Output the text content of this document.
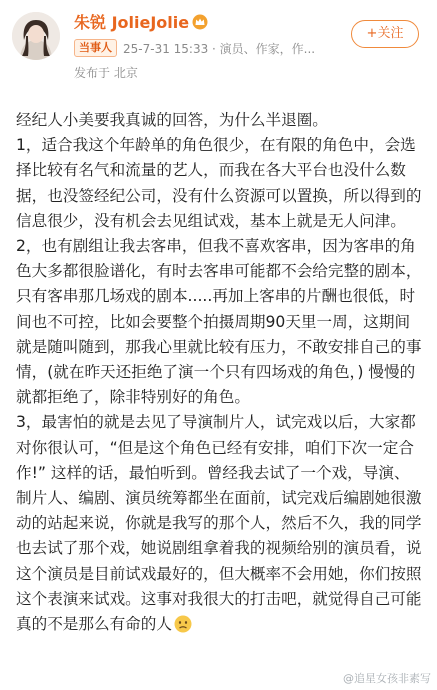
朱锐 JolieJolie
当事人 25-7-31 15:33 · 演员、作家，作...
发布于 北京
+关注

经纪人小美要我真诚的回答，为什么半退圈。

1，适合我这个年龄单的角色很少，在有限的角色中，会选择比较有名气和流量的艺人，而我在各大平台也没什么数据，也没签经纪公司，没有什么资源可以置换，所以得到的信息很少，没有机会去见组试戏，基本上就是无人问津。

2，也有剧组让我去客串，但我不喜欢客串，因为客串的角色大多都很脸谱化，有时去客串可能都不会给完整的剧本，只有客串那几场戏的剧本.....再加上客串的片酬也很低，时间也不可控，比如会要整个拍摄周期90天里一周，这期间就是随叫随到，那我心里就比较有压力，不敢安排自己的事情，(就在昨天还拒绝了演一个只有四场戏的角色，) 慢慢的就都拒绝了，除非特别好的角色。

3，最害怕的就是去见了导演制片人，试完戏以后，大家都对你很认可，“但是这个角色已经有安排，咱们下次一定合作!” 这样的话，最怕听到。曾经我去试了一个戏，导演、制片人、编剧、演员统筹都坐在面前，试完戏后编剧她很激动的站起来说，你就是我写的那个人，然后不久，我的同学也去试了那个戏，她说剧组拿着我的视频给别的演员看，说这个演员是目前试戏最好的，但大概率不会用她，你们按照这个表演来试戏。这事对我很大的打击吧，就觉得自己可能真的不是那么有命的人

@追星女孩非素写
